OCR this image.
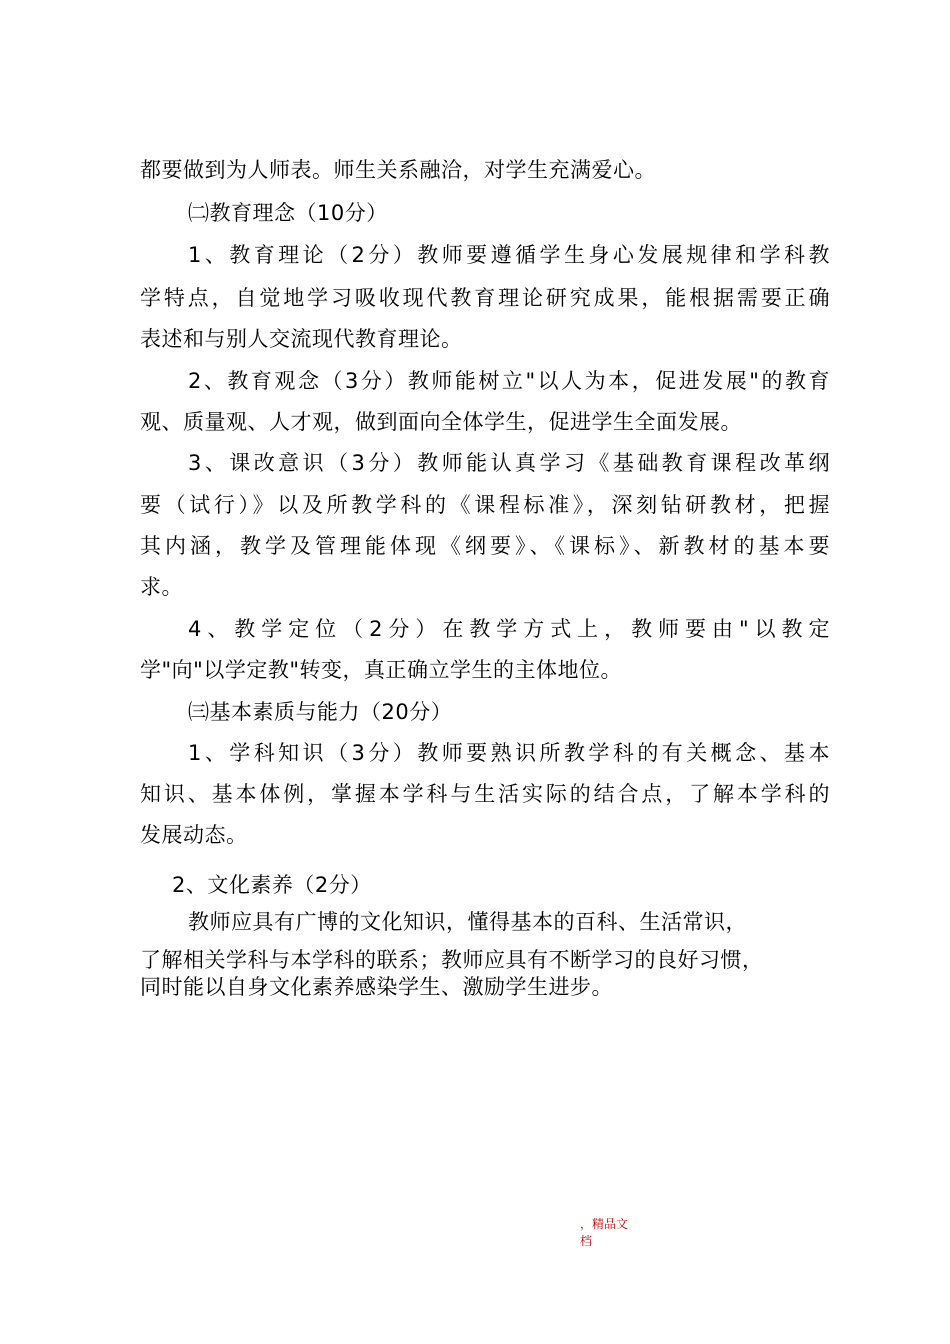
都要做到为人师表。师生关系融洽，对学生充满爱心。
㈡教育理念（10分）
1、教育理论（2分）教师要遵循学生身心发展规律和学科教
学特点，自觉地学习吸收现代教育理论研究成果，能根据需要正确
表述和与别人交流现代教育理论。
2、教育观念（3分）教师能树立"以人为本，促进发展"的教育
观、质量观、人才观，做到面向全体学生，促进学生全面发展。
3、课改意识（3分）教师能认真学习《基础教育课程改革纲
要（试行）》以及所教学科的《课程标准》，深刻钻研教材，把握
其内涵，教学及管理能体现《纲要》、《课标》、新教材的基本要
求。
4、教学定位（2分）在教学方式上，教师要由"以教定
学"向"以学定教"转变，真正确立学生的主体地位。
㈢基本素质与能力（20分）
1、学科知识（3分）教师要熟识所教学科的有关概念、基本
知识、基本体例，掌握本学科与生活实际的结合点，了解本学科的
发展动态。
2、文化素养（2分）
教师应具有广博的文化知识，懂得基本的百科、生活常识，
了解相关学科与本学科的联系；教师应具有不断学习的良好习惯，
同时能以自身文化素养感染学生、激励学生进步。
，精品文
档
